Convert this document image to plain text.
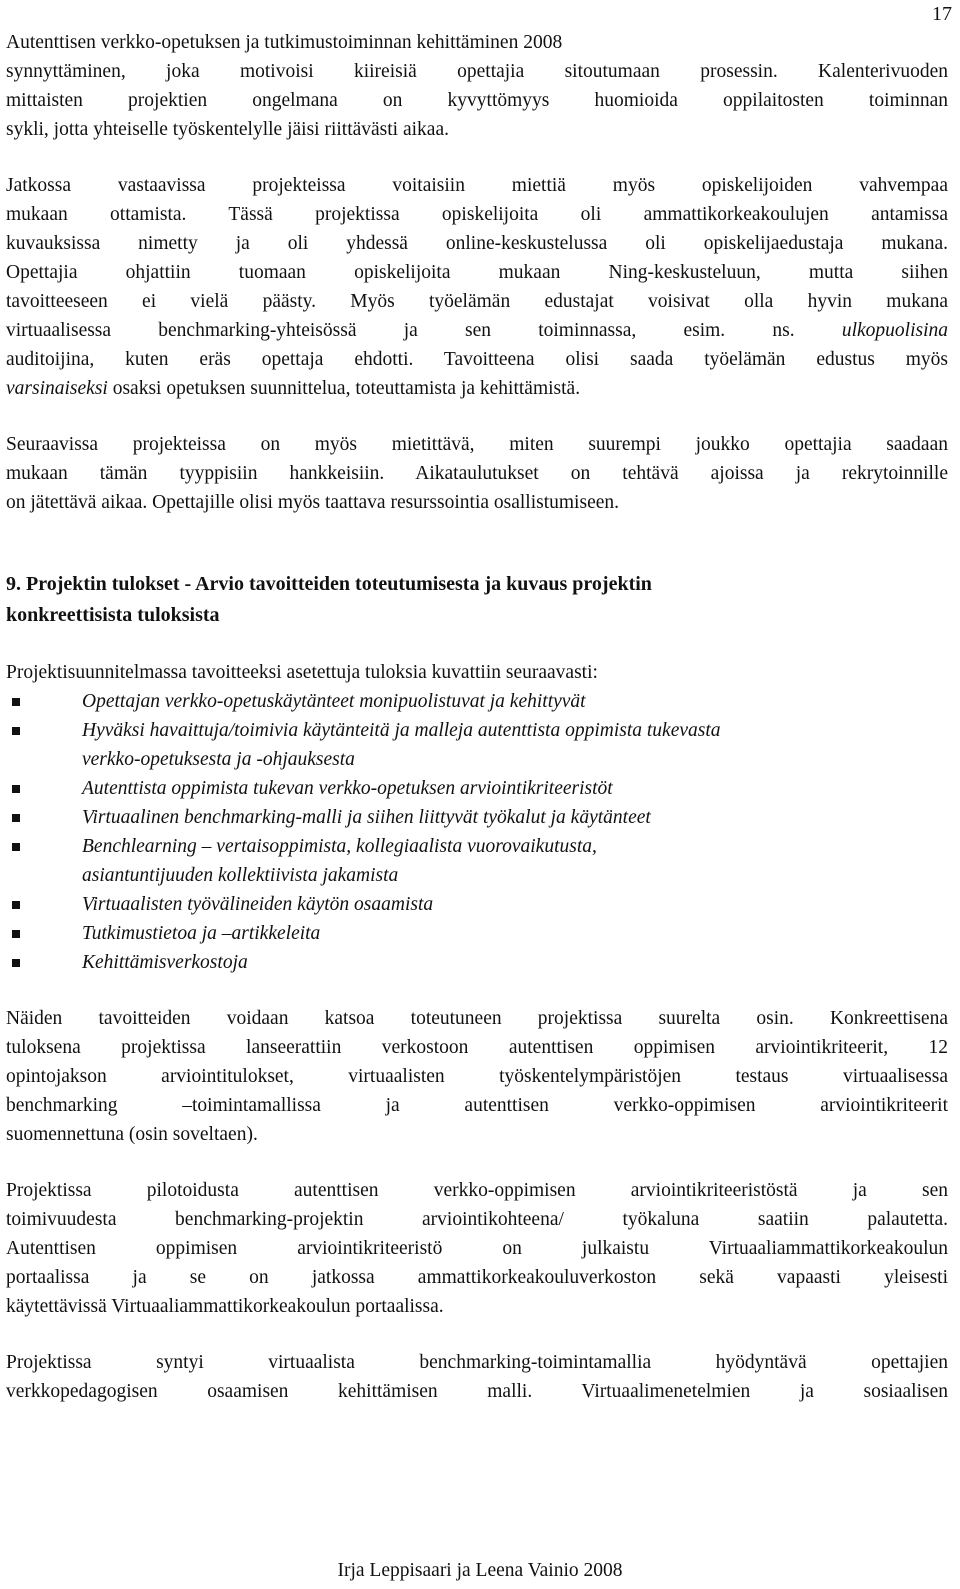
17
Autenttisen verkko-opetuksen ja tutkimustoiminnan kehittäminen 2008
synnyttäminen, joka motivoisi kiireisiä opettajia sitoutumaan prosessin. Kalenterivuoden
mittaisten projektien ongelmana on kyvyttömyys huomioida oppilaitosten toiminnan
sykli, jotta yhteiselle työskentelylle jäisi riittävästi aikaa.
Jatkossa vastaavissa projekteissa voitaisiin miettiä myös opiskelijoiden vahvempaa
mukaan ottamista. Tässä projektissa opiskelijoita oli ammattikorkeakoulujen antamissa
kuvauksissa nimetty ja oli yhdessä online-keskustelussa oli opiskelijaedustaja mukana.
Opettajia ohjattiin tuomaan opiskelijoita mukaan Ning-keskusteluun, mutta siihen
tavoitteeseen ei vielä päästy. Myös työelämän edustajat voisivat olla hyvin mukana
virtuaalisessa benchmarking-yhteisössä ja sen toiminnassa, esim. ns. ulkopuolisina
auditoijina, kuten eräs opettaja ehdotti. Tavoitteena olisi saada työelämän edustus myös
varsinaiseksi osaksi opetuksen suunnittelua, toteuttamista ja kehittämistä.
Seuraavissa projekteissa on myös mietittävä, miten suurempi joukko opettajia saadaan
mukaan tämän tyyppisiin hankkeisiin. Aikataulutukset on tehtävä ajoissa ja rekrytoinnille
on jätettävä aikaa. Opettajille olisi myös taattava resurssointia osallistumiseen.
9. Projektin tulokset - Arvio tavoitteiden toteutumisesta ja kuvaus projektin
konkreettisista tuloksista
Projektisuunnitelmassa tavoitteeksi asetettuja tuloksia kuvattiin seuraavasti:
Opettajan verkko-opetuskäytänteet monipuolistuvat ja kehittyvät
Hyväksi havaittuja/toimivia käytänteitä ja malleja autenttista oppimista tukevasta
verkko-opetuksesta ja -ohjauksesta
Autenttista oppimista tukevan verkko-opetuksen arviointikriteeristöt
Virtuaalinen benchmarking-malli ja siihen liittyvät työkalut ja käytänteet
Benchlearning – vertaisoppimista, kollegiaalista vuorovaikutusta,
asiantuntijuuden kollektiivista jakamista
Virtuaalisten työvälineiden käytön osaamista
Tutkimustietoa ja –artikkeleita
Kehittämisverkostoja
Näiden tavoitteiden voidaan katsoa toteutuneen projektissa suurelta osin. Konkreettisena
tuloksena projektissa lanseerattiin verkostoon autenttisen oppimisen arviointikriteerit, 12
opintojakson arviointitulokset, virtuaalisten työskentelympäristöjen testaus virtuaalisessa
benchmarking –toimintamallissa ja autenttisen verkko-oppimisen arviointikriteerit
suomennettuna (osin soveltaen).
Projektissa pilotoidusta autenttisen verkko-oppimisen arviointikriteeristöstä ja sen
toimivuudesta benchmarking-projektin arviointikohteena/ työkaluna saatiin palautetta.
Autenttisen oppimisen arviointikriteeristö on julkaistu Virtuaaliammattikorkeakoulun
portaalissa ja se on jatkossa ammattikorkeakouluverkoston sekä vapaasti yleisesti
käytettävissä Virtuaaliammattikorkeakoulun portaalissa.
Projektissa syntyi virtuaalista benchmarking-toimintamallia hyödyntävä opettajien
verkkopedagogisen osaamisen kehittämisen malli. Virtuaalimenetelmien ja sosiaalisen
Irja Leppisaari ja Leena Vainio 2008
